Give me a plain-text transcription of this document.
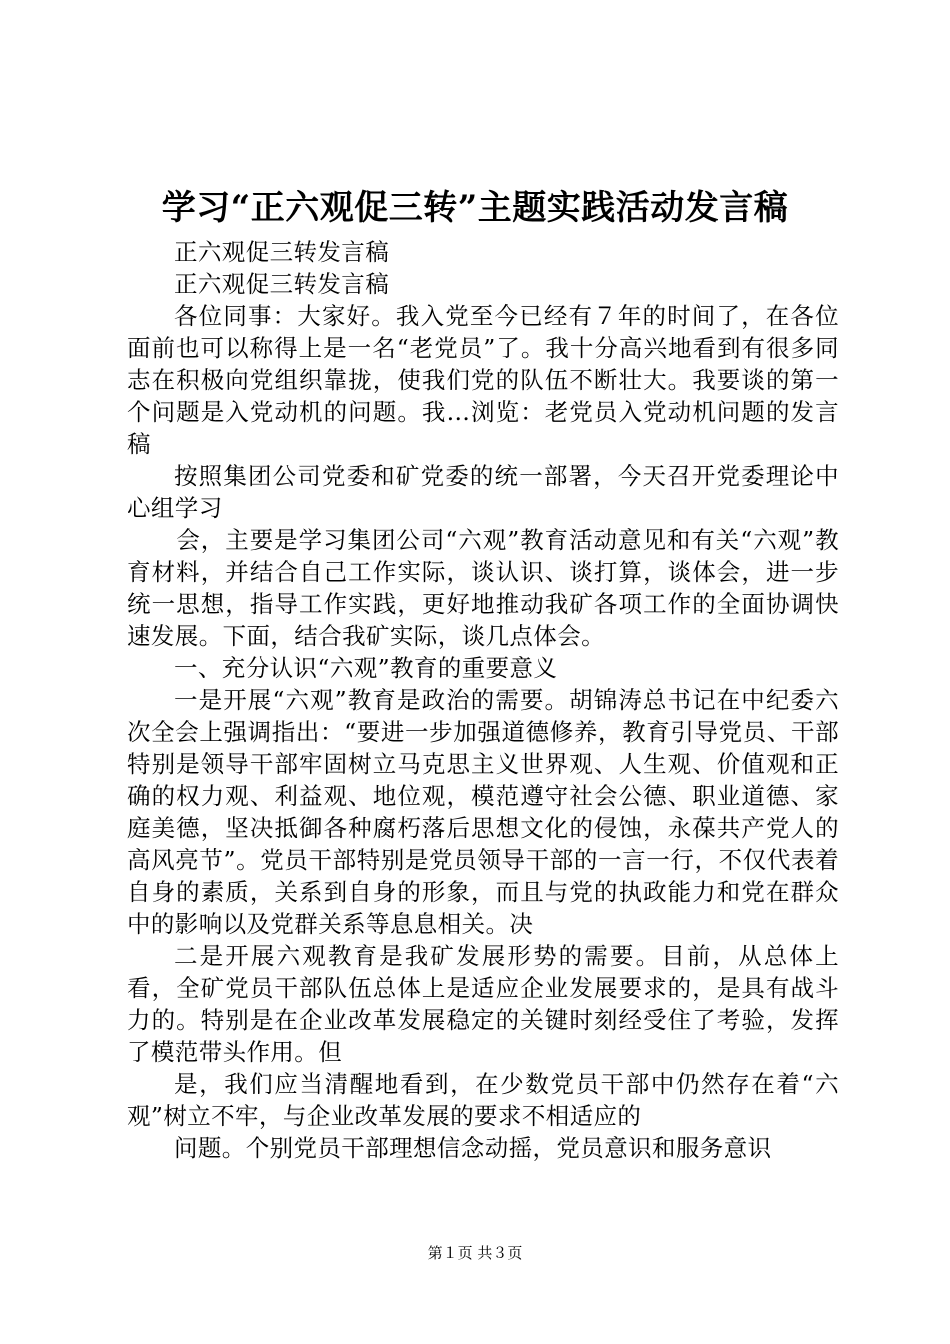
学习“正六观促三转”主题实践活动发言稿

正六观促三转发言稿

正六观促三转发言稿

各位同事：大家好。我入党至今已经有７年的时间了，在各位面前也可以称得上是一名“老党员”了。我十分高兴地看到有很多同志在积极向党组织靠拢，使我们党的队伍不断壮大。我要谈的第一个问题是入党动机的问题。我…浏览：老党员入党动机问题的发言稿

按照集团公司党委和矿党委的统一部署，今天召开党委理论中心组学习

会，主要是学习集团公司“六观”教育活动意见和有关“六观”教育材料，并结合自己工作实际，谈认识、谈打算，谈体会，进一步统一思想，指导工作实践，更好地推动我矿各项工作的全面协调快速发展。下面，结合我矿实际，谈几点体会。

一、充分认识“六观”教育的重要意义

一是开展“六观”教育是政治的需要。胡锦涛总书记在中纪委六次全会上强调指出：“要进一步加强道德修养，教育引导党员、干部特别是领导干部牢固树立马克思主义世界观、人生观、价值观和正确的权力观、利益观、地位观，模范遵守社会公德、职业道德、家庭美德，坚决抵御各种腐朽落后思想文化的侵蚀，永葆共产党人的高风亮节”。党员干部特别是党员领导干部的一言一行，不仅代表着自身的素质，关系到自身的形象，而且与党的执政能力和党在群众中的影响以及党群关系等息息相关。决

二是开展六观教育是我矿发展形势的需要。目前，从总体上看，全矿党员干部队伍总体上是适应企业发展要求的，是具有战斗力的。特别是在企业改革发展稳定的关键时刻经受住了考验，发挥了模范带头作用。但

是，我们应当清醒地看到，在少数党员干部中仍然存在着“六观”树立不牢，与企业改革发展的要求不相适应的

问题。个别党员干部理想信念动摇，党员意识和服务意识

第１页 共３页
